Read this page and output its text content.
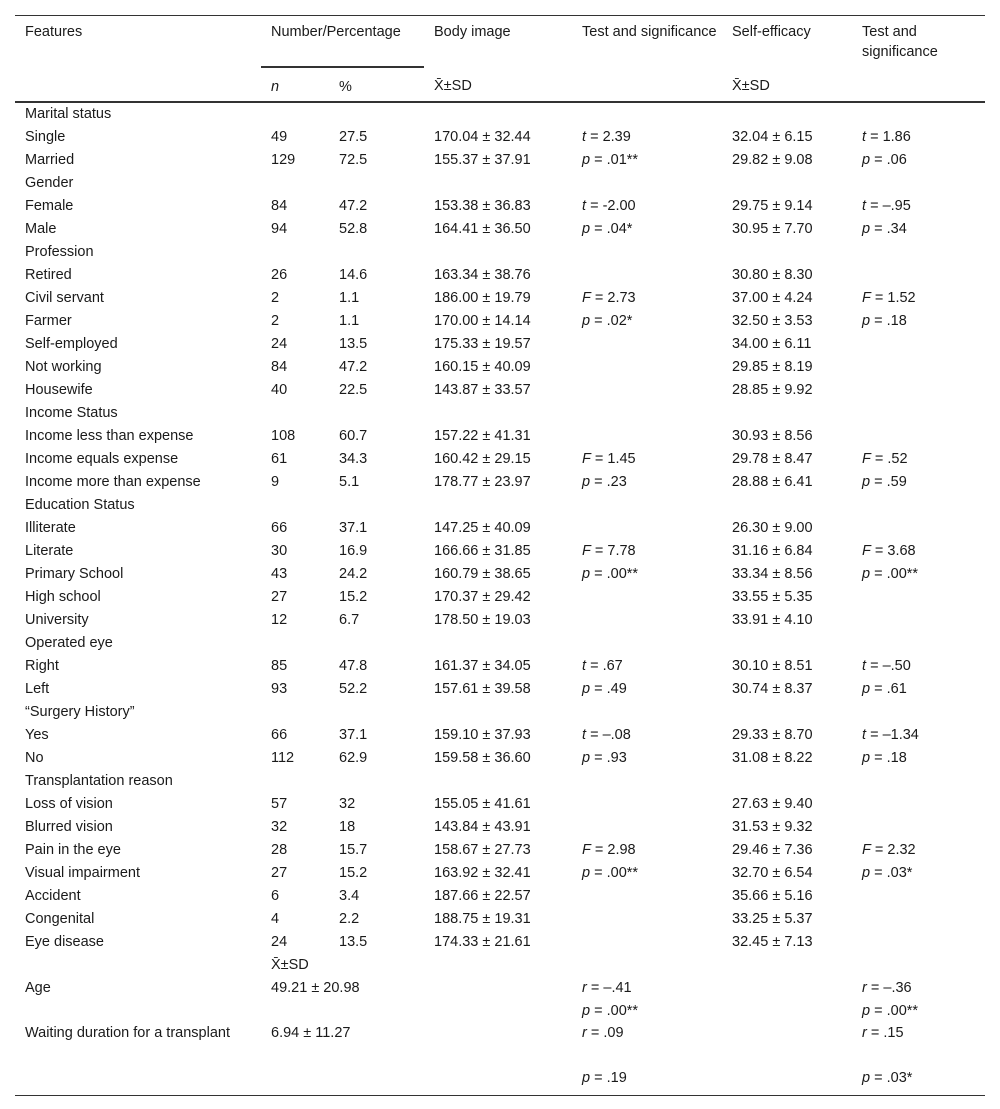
Features	Number/Percentage		Body image	Test and significance	Self-efficacy	Test and significance
	n	%	X̄±SD		X̄±SD	
Marital status						
Single	49	27.5	170.04 ± 32.44	t = 2.39	32.04 ± 6.15	t = 1.86
Married	129	72.5	155.37 ± 37.91	p = .01**	29.82 ± 9.08	p = .06
Gender						
Female	84	47.2	153.38 ± 36.83	t = -2.00	29.75 ± 9.14	t = –.95
Male	94	52.8	164.41 ± 36.50	p = .04*	30.95 ± 7.70	p = .34
Profession						
Retired	26	14.6	163.34 ± 38.76		30.80 ± 8.30	
Civil servant	2	1.1	186.00 ± 19.79	F = 2.73	37.00 ± 4.24	F = 1.52
Farmer	2	1.1	170.00 ± 14.14	p = .02*	32.50 ± 3.53	p = .18
Self-employed	24	13.5	175.33 ± 19.57		34.00 ± 6.11	
Not working	84	47.2	160.15 ± 40.09		29.85 ± 8.19	
Housewife	40	22.5	143.87 ± 33.57		28.85 ± 9.92	
Income Status						
Income less than expense	108	60.7	157.22 ± 41.31		30.93 ± 8.56	
Income equals expense	61	34.3	160.42 ± 29.15	F = 1.45	29.78 ± 8.47	F = .52
Income more than expense	9	5.1	178.77 ± 23.97	p = .23	28.88 ± 6.41	p = .59
Education Status						
Illiterate	66	37.1	147.25 ± 40.09		26.30 ± 9.00	
Literate	30	16.9	166.66 ± 31.85	F = 7.78	31.16 ± 6.84	F = 3.68
Primary School	43	24.2	160.79 ± 38.65	p = .00**	33.34 ± 8.56	p = .00**
High school	27	15.2	170.37 ± 29.42		33.55 ± 5.35	
University	12	6.7	178.50 ± 19.03		33.91 ± 4.10	
Operated eye						
Right	85	47.8	161.37 ± 34.05	t = .67	30.10 ± 8.51	t = –.50
Left	93	52.2	157.61 ± 39.58	p = .49	30.74 ± 8.37	p = .61
“Surgery History”						
Yes	66	37.1	159.10 ± 37.93	t = –.08	29.33 ± 8.70	t = –1.34
No	112	62.9	159.58 ± 36.60	p = .93	31.08 ± 8.22	p = .18
Transplantation reason						
Loss of vision	57	32	155.05 ± 41.61		27.63 ± 9.40	
Blurred vision	32	18	143.84 ± 43.91		31.53 ± 9.32	
Pain in the eye	28	15.7	158.67 ± 27.73	F = 2.98	29.46 ± 7.36	F = 2.32
Visual impairment	27	15.2	163.92 ± 32.41	p = .00**	32.70 ± 6.54	p = .03*
Accident	6	3.4	187.66 ± 22.57		35.66 ± 5.16	
Congenital	4	2.2	188.75 ± 19.31		33.25 ± 5.37	
Eye disease	24	13.5	174.33 ± 21.61		32.45 ± 7.13	
	X̄±SD					
Age	49.21 ± 20.98			r = –.41		r = –.36
				p = .00**		p = .00**
Waiting duration for a transplant	6.94 ± 11.27			r = .09		r = .15
				p = .19		p = .03*
